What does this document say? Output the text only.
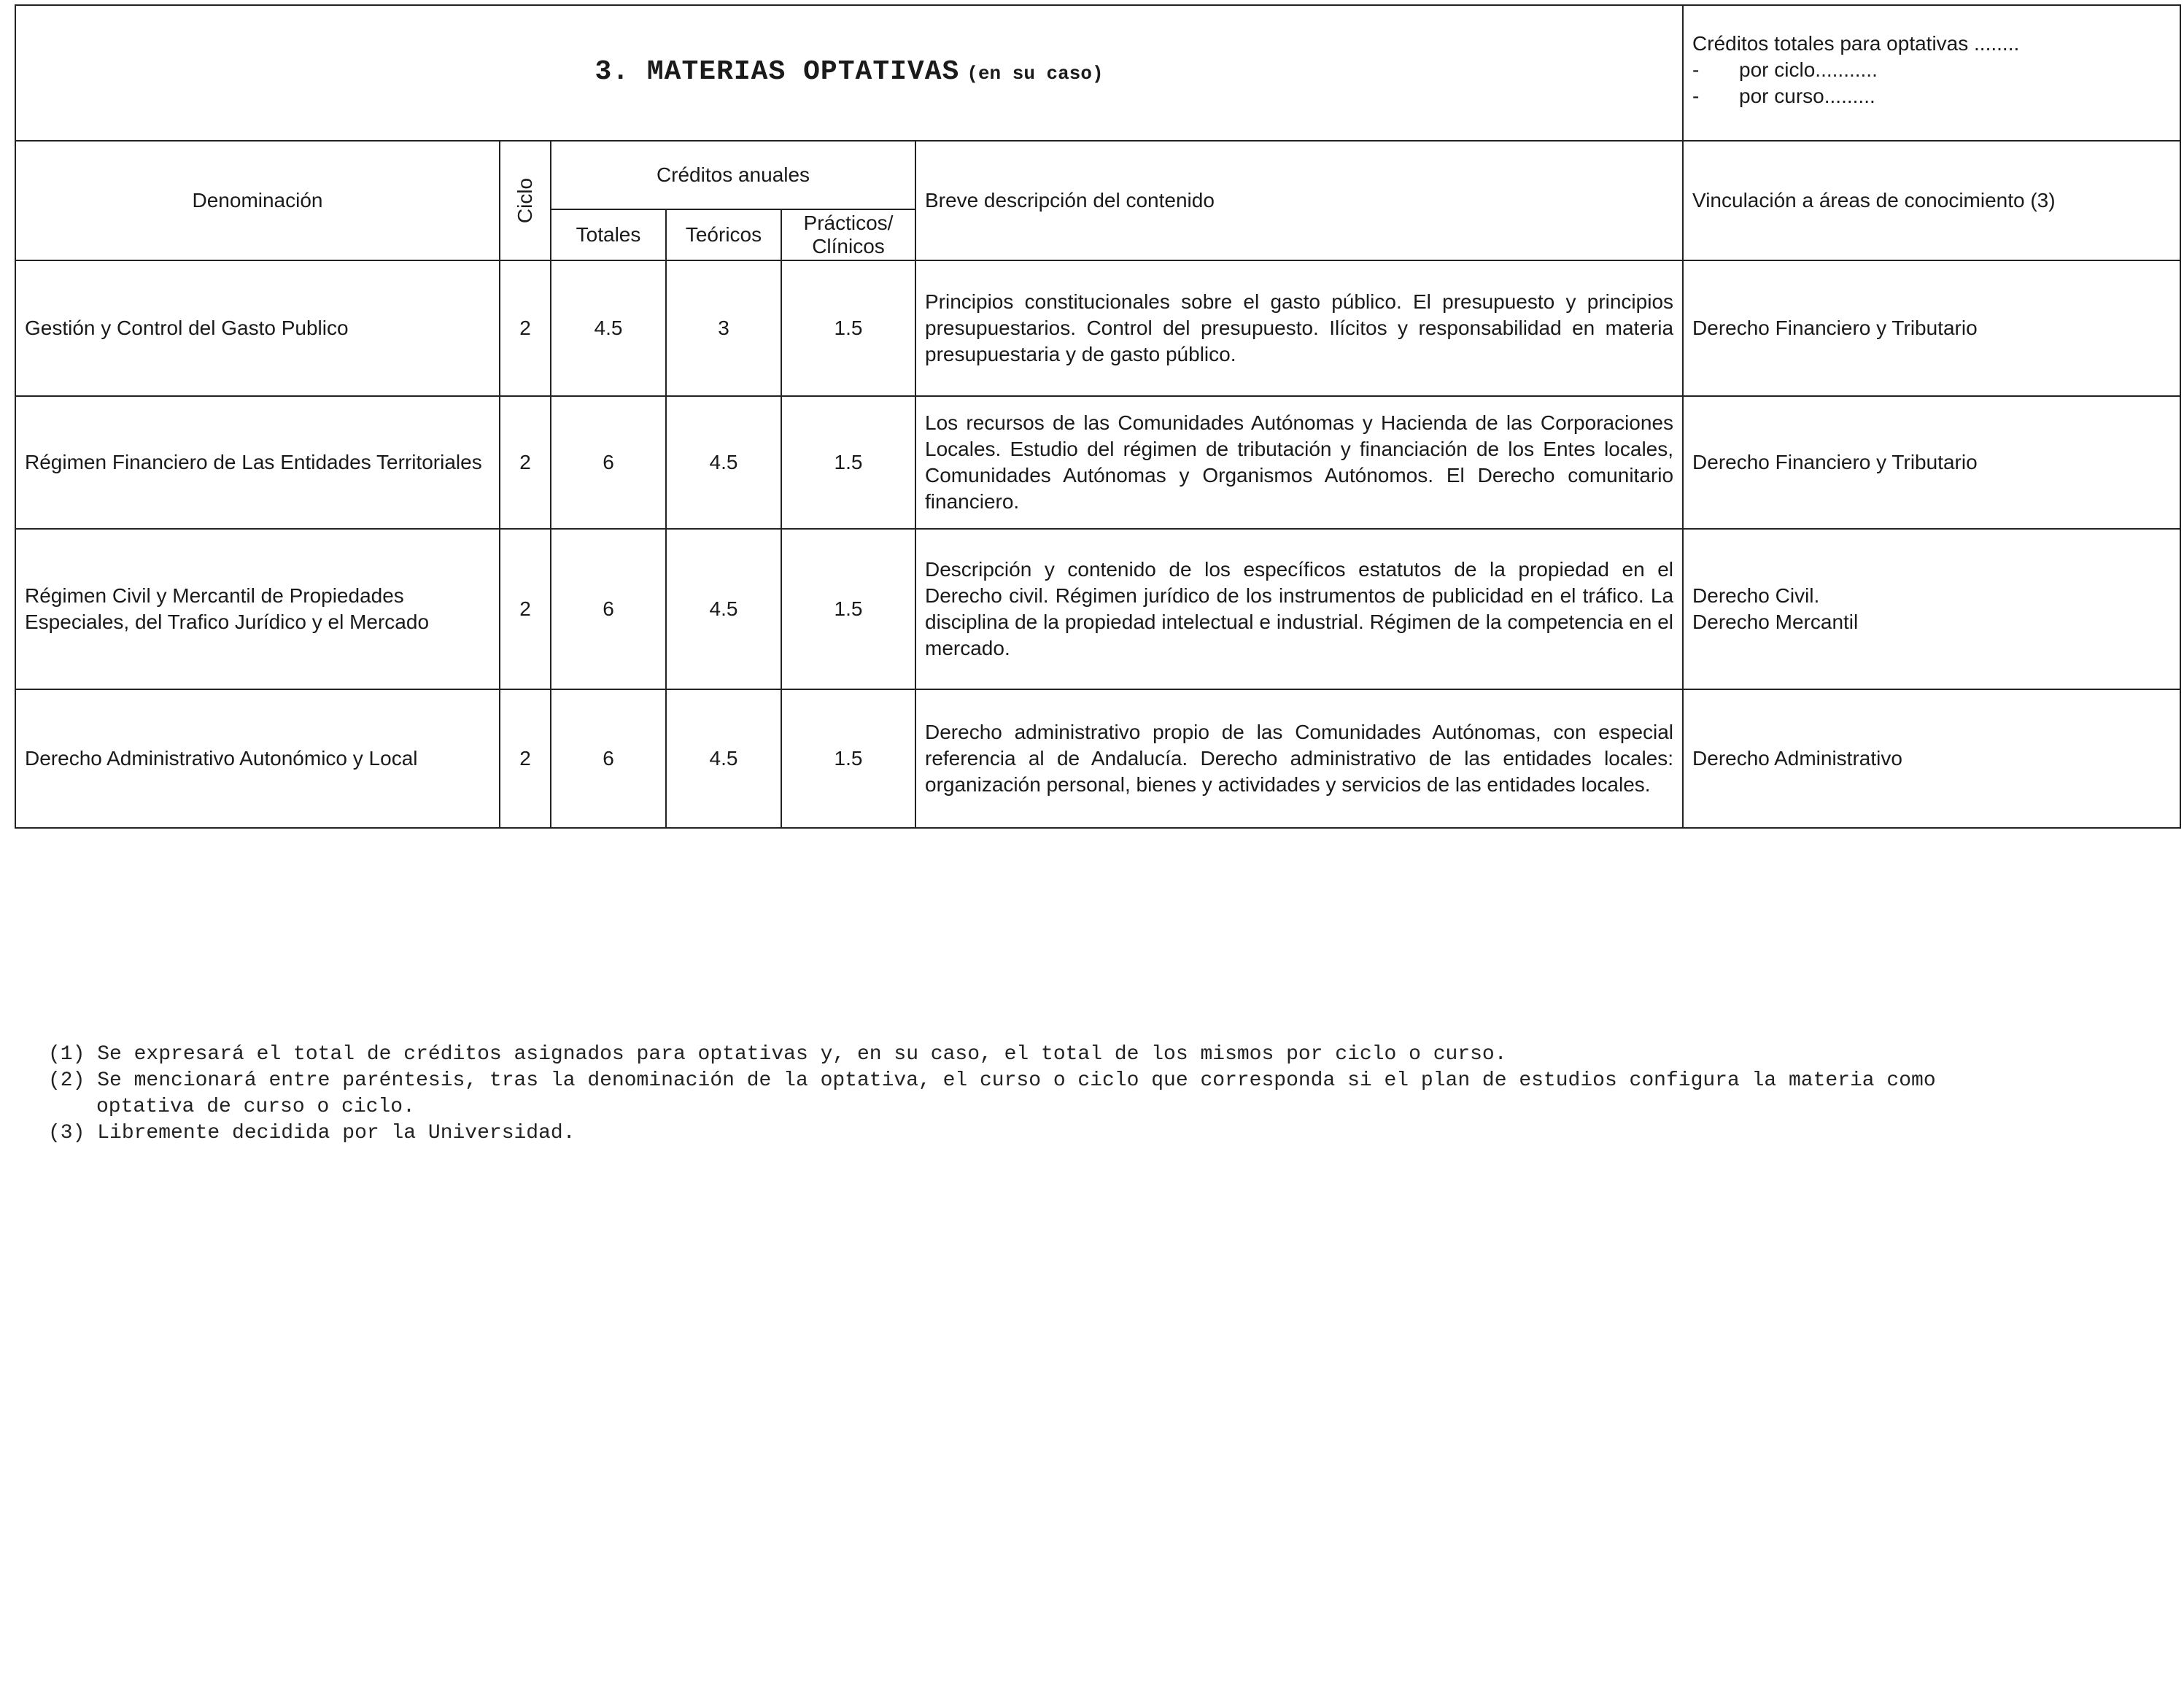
3. MATERIAS OPTATIVAS (en su caso)						Créditos totales para optativas ........
- por ciclo...........
- por curso.........

Denominación	Ciclo	Créditos anuales			Breve descripción del contenido	Vinculación a áreas de conocimiento (3)
		Totales	Teóricos	Prácticos/
Clínicos		
Gestión y Control del Gasto Publico	2	4.5	3	1.5	Principios constitucionales sobre el gasto público. El presupuesto y principios presupuestarios. Control del presupuesto. Ilícitos y responsabilidad en materia presupuestaria y de gasto público.	Derecho Financiero y Tributario
Régimen Financiero de Las Entidades Territoriales	2	6	4.5	1.5	Los recursos de las Comunidades Autónomas y Hacienda de las Corporaciones Locales. Estudio del régimen de tributación y financiación de los Entes locales, Comunidades Autónomas y Organismos Autónomos. El Derecho comunitario financiero.	Derecho Financiero y Tributario
Régimen Civil y Mercantil de Propiedades Especiales, del Trafico Jurídico y el Mercado	2	6	4.5	1.5	Descripción y contenido de los específicos estatutos de la propiedad en el Derecho civil. Régimen jurídico de los instrumentos de publicidad en el tráfico. La disciplina de la propiedad intelectual e industrial. Régimen de la competencia en el mercado.	Derecho Civil.
Derecho Mercantil
Derecho Administrativo Autonómico y Local	2	6	4.5	1.5	Derecho administrativo propio de las Comunidades Autónomas, con especial referencia al de Andalucía. Derecho administrativo de las entidades locales: organización personal, bienes y actividades y servicios de las entidades locales.	Derecho Administrativo
(1) Se expresará el total de créditos asignados para optativas y, en su caso, el total de los mismos por ciclo o curso.
(2) Se mencionará entre paréntesis, tras la denominación de la optativa, el curso o ciclo que corresponda si el plan de estudios configura la materia como
optativa de curso o ciclo.
(3) Libremente decidida por la Universidad.
